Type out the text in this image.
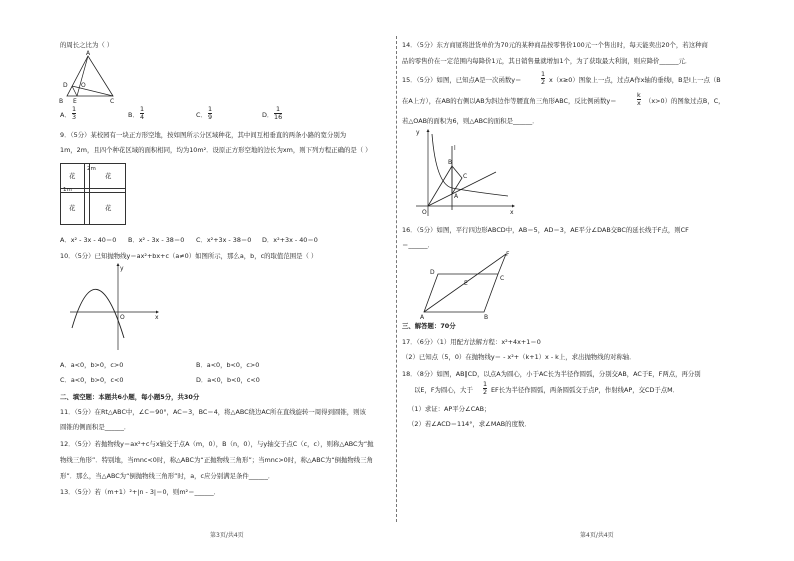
的周长之比为（ ）
A
D O
B E	C
A． $\frac{1}{3}$	B． $\frac{1}{4}$	C． $\frac{1}{9}$	D． $\frac{1}{16}$
9．（5分）某校园有一块正方形空地，按如图所示分区域种花，其中间互相垂直的两条小路的宽分别为
1m，2m，且四个种花区域的面积相同，均为10m²．设原正方形空地的边长为xm，则下列方程正确的是（ ）
花
2m
花
1m
花	花
A．x² - 3x - 40＝0 B．x² - 3x - 38＝0 C．x²+3x - 38＝0 D．x²+3x - 40＝0
10．（5分）已知抛物线y＝ax²+bx+c（a≠0）如图所示，那么a，b，c的取值范围是（ ）
y
O	x
A．a<0，b>0，c>0	B．a<0，b<0，c>0
C．a<0，b>0，c<0	D．a<0，b<0，c<0
二、填空题：本题共6小题，每小题5分，共30分
11．（5分）在Rt△ABC中，∠C＝90°，AC＝3，BC＝4，将△ABC绕边AC所在直线旋转一周得到圆锥，则该
圆锥的侧面积是______．
12．（5分）若抛物线y＝ax²+c与x轴交于点A（m，0），B（n，0），与y轴交于点C（c，c），则称△ABC为“抛
物线三角形”．特别地，当mnc<0时，称△ABC为“正抛物线三角形”；当mnc>0时，称△ABC为“倒抛物线三角
形”．那么，当△ABC为“倒抛物线三角形”时，a，c应分别满足条件______．
13．（5分）若（m+1）²+|n - 3|＝0，则m²＝______．
14．（5分）东方商厦将进货单价为70元的某种商品按零售价100元一个售出时，每天能卖出20个，若这种商
品的零售价在一定范围内每降价1元，其日销售量就增加1个，为了获取最大利润，则应降价______元．
15．（5分）如图，已知点A是一次函数y＝	$\frac{1}{2} x(x\ge 0)$图象上一点，过点A作x轴的垂线l，B是l上一点（B
在A上方），在AB的右侧以AB为斜边作等腰直角三角形ABC，反比例函数y＝	$\frac{k}{x} (x>0)$的图象过点B，C，
若△OAB的面积为6，则△ABC的面积是______．
y
l
B
C
A
O	x
16．（5分）如图，平行四边形ABCD中，AB＝5，AD＝3，AE平分∠DAB交BC的延长线于F点，则CF
＝______．
D
E
F
C
A	B
三、解答题：70分
17．（6分）（1）用配方法解方程：x²+4x+1＝0
（2）已知点（5，0）在抛物线y＝ - x²+（k+1）x - k上，求出抛物线的对称轴．
18．（8分）如图，AB∥CD，以点A为圆心，小于AC长为半径作圆弧，分别交AB，AC于E，F两点，再分别
以E，F为圆心，大于 $\frac{1}{2}$ EF长为半径作圆弧，两条圆弧交于点P，作射线AP，交CD于点M．
（1）求证：AP平分∠CAB；
（2）若∠ACD＝114°，求∠MAB的度数．
第3页/共4页	第4页/共4页
